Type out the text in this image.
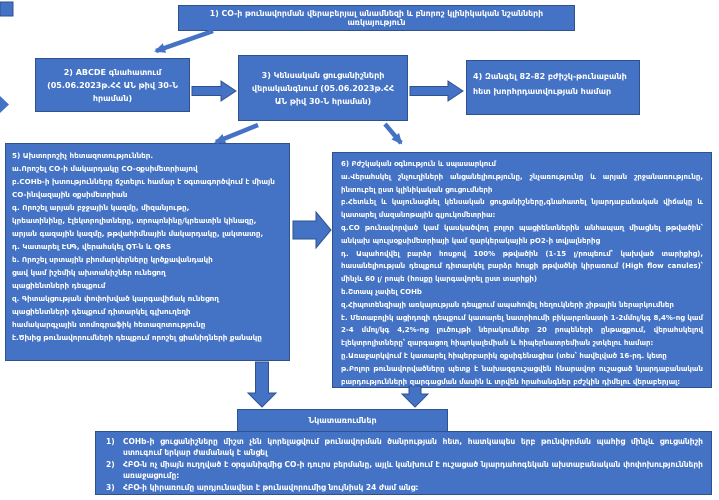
1) CO-ի թունավորման վերաբերյալ անամնեզի և բնորոշ կլինիկական նշանների առկայություն
2) ABCDE գնահատում (05.06.2023թ.ՀՀ ԱՆ թիվ 30-Ն հրաման)
3) Կենսական ցուցանիշների վերականգնում (05.06.2023թ.ՀՀ ԱՆ թիվ 30-Ն հրաման)
4) Զանգել 82-82 բժիշկ-թունաբանի հետ խորհրդատվության համար
5) Ախտորոշիչ հետազոտություններ.
ա.Որոշել CO-ի մակարդակը CO-օքսիմետրիայով
բ.COHb-ի խտությունները ճշտելու համար է օգտագործվում է միայն CO-ինվազային օքսիմետրիան
գ. Որոշել արյան բջջային կազմը, միզանյութը,
կրեատինինը, էլեկտրոլիտները, տրոպոնինը/կրեատին կինազը,
արյան գազային կազմը, թթվահիմնային մակարդակը, լակտատը,
դ. Կատարել ԷՍԳ, վերահսկել QT-ն և QRS
ե. Որոշել սրտային բիոմարկերները կրծքավանդակի
ցավ կամ իշեմիկ ախտանիշներ ունեցող
պացիենտների դեպքում
զ. Գիտակցության փոփոխված կարգավիճակ ունեցող
պացիենտների դեպքում դիտարկել գլխուղեղի
համակարգչային տոմոգրաֆիկ հետազոտությունը
է.Ծխից թունավորումների դեպքում որոշել ցիանիդների քանակը
6) Բժշկական օգնություն և սպասարկում
ա.Վերահսկել շնչուղիների անցանելիությունը, շնչառությունը և արյան շրջանառությունը, ինտուբել ըստ կլինիկական ցուցումների
բ.Հետևել և կայունացնել կենսական ցուցանիշները,գնահատել նյարդաբանական վիճակը և կատարել մազանոթային գլյուկոմետրիա:
գ.CO թունավորված կամ կասկածվող բոլոր պացիենտներին անհապաղ միացնել թթվածին՝ անկախ պուլսօքսիմետրիայի կամ զարկերակային pO2-ի տվյալներից
դ. Ապահովվել բարձր հոսքով 100% թթվածին (1-15 լ/րոպեում՝ կախված տարիքից), հասանելիության դեպքում դիտարկել բարձր հոսքի թթվածնի կիրառում (High flow canules)՝ մինչև 60 լ/ րոպե (հոսքը կարգավորել ըստ տարիքի)
ե.Շտապ չափել COHb
զ.Հիպոտենզիայի առկայության դեպքում ապահովել հեղուկների շիթային ներարկումներ
է. Մետաբոլիկ ացիդոզի դեպքում կատարել նատրիումի բիկարբոնատի 1-2մմոլ/կգ 8,4%-ոց կամ 2-4 մմոլ/կգ 4,2%-ոց լուծույթի ներակումներ 20 րոպեների ընթացքում, վերահսկելով էլեկտրոլիտները՝ զարգացող հիպոկալեմիան և հիպերնատրեմիան շտկելու համար:
ը.Առաջարկվում է կատարել հիպերբարիկ օքսիգենացիա (տես՝ հավելված 16-րդ. կետը
թ.Բոլոր թունավորվածները պետք է նախազգուշացվեն հնարավոր ուշացած նյարդաբանական բարդությունների զարգացման մասին և տրվեն հրահանգներ բժշկին դիմելու վերաբերյալ:
Նկատառումներ
1)	COHb-ի ցուցանիշները միշտ չեն կորելացվում թունավորման ծանրության հետ, հատկապես երբ թունվորման պահից մինչև ցուցանիշի ստուգում երկար ժամանակ է անցել
2)	ՀԲՕ-ն ոչ միայն ուղղված է օրգանիզմից CO-ի դուրս բերմանը, այլև կանխում է ուշացած նյարդահոգեկան ախտաբանական փոփոխությունների առաջացումը:
3)	ՀԲՕ-ի կիրառումը արդյունավետ է թունավորումից նույնիսկ 24 ժամ անց:
